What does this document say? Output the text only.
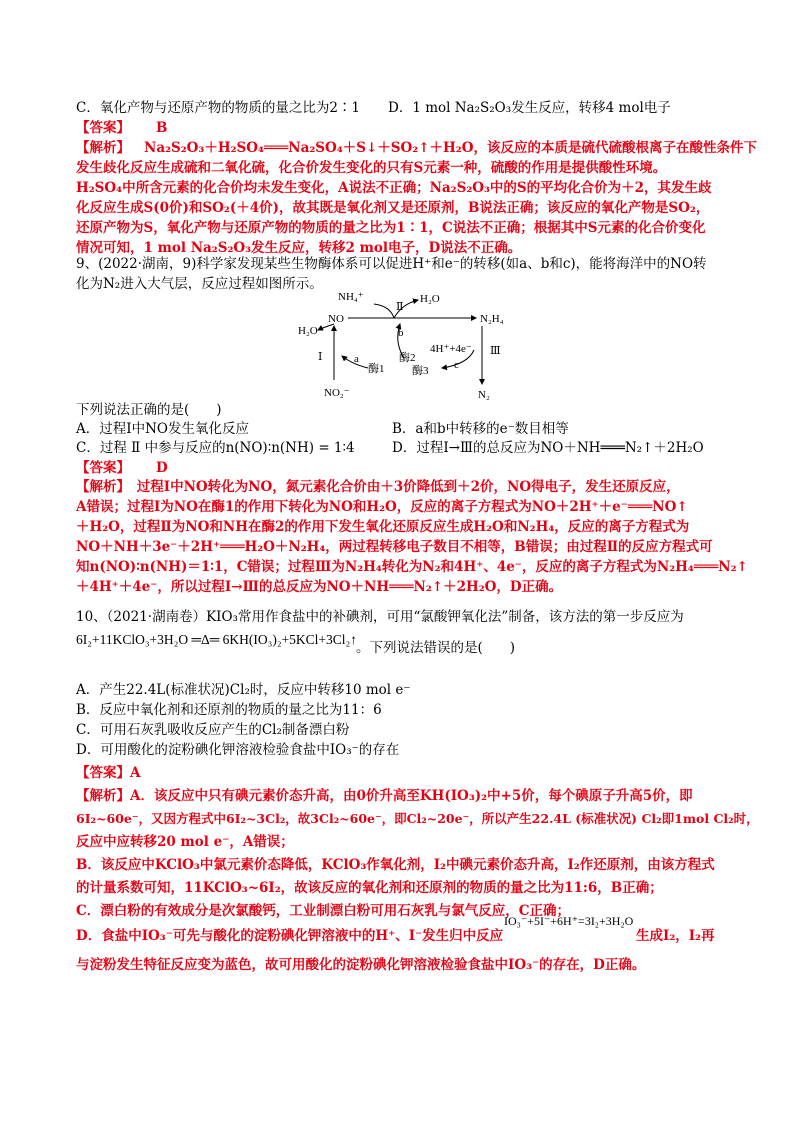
C．氧化产物与还原产物的物质的量之比为2∶1 D．1 mol Na₂S₂O₃发生反应，转移4 mol电子
【答案】 B
【解析】 Na₂S₂O₃＋H₂SO₄═══Na₂SO₄＋S↓＋SO₂↑＋H₂O，该反应的本质是硫代硫酸根离子在酸性条件下
发生歧化反应生成硫和二氧化硫，化合价发生变化的只有S元素一种，硫酸的作用是提供酸性环境。
H₂SO₄中所含元素的化合价均未发生变化，A说法不正确；Na₂S₂O₃中的S的平均化合价为＋2，其发生歧
化反应生成S(0价)和SO₂(＋4价)，故其既是氧化剂又是还原剂，B说法正确；该反应的氧化产物是SO₂，
还原产物为S，氧化产物与还原产物的物质的量之比为1∶1，C说法不正确；根据其中S元素的化合价变化
情况可知，1 mol Na₂S₂O₃发生反应，转移2 mol电子，D说法不正确。
9、(2022·湖南，9)科学家发现某些生物酶体系可以促进H⁺和e⁻的转移(如a、b和c)，能将海洋中的NO转
化为N₂进入大气层，反应过程如图所示。
NH₄⁺	H₂O
Ⅱ
NO	N₂H₄
H₂O	b
酶2
4H⁺+4e⁻ Ⅲ
Ⅰ	a
酶1	c
酶3
NO₂⁻	N₂
下列说法正确的是(　　)
A．过程Ⅰ中NO发生氧化反应	B．a和b中转移的e⁻数目相等
C．过程 Ⅱ 中参与反应的n(NO)∶n(NH) = 1∶4	D．过程Ⅰ→Ⅲ的总反应为NO＋NH═══N₂↑＋2H₂O
【答案】 D
【解析】　过程Ⅰ中NO转化为NO，氮元素化合价由＋3价降低到＋2价，NO得电子，发生还原反应，
A错误；过程Ⅰ为NO在酶1的作用下转化为NO和H₂O，反应的离子方程式为NO＋2H⁺＋e⁻═══NO↑
＋H₂O，过程Ⅱ为NO和NH在酶2的作用下发生氧化还原反应生成H₂O和N₂H₄，反应的离子方程式为
NO＋NH＋3e⁻＋2H⁺═══H₂O＋N₂H₄，两过程转移电子数目不相等，B错误；由过程Ⅱ的反应方程式可
知n(NO)∶n(NH)＝1∶1，C错误；过程Ⅲ为N₂H₄转化为N₂和4H⁺、4e⁻，反应的离子方程式为N₂H₄═══N₂↑
＋4H⁺＋4e⁻，所以过程Ⅰ→Ⅲ的总反应为NO＋NH═══N₂↑＋2H₂O，D正确。
10、（2021·湖南卷）KIO₃常用作食盐中的补碘剂，可用“氯酸钾氧化法”制备，该方法的第一步反应为
6I₂+11KClO₃+3H₂O ═Δ═ 6KH(IO₃)₂+5KCl+3Cl₂↑
。下列说法错误的是(　　)
A．产生22.4L(标准状况)Cl₂时，反应中转移10 mol e⁻
B．反应中氧化剂和还原剂的物质的量之比为11：6
C．可用石灰乳吸收反应产生的Cl₂制备漂白粉
D．可用酸化的淀粉碘化钾溶液检验食盐中IO₃⁻的存在
【答案】A
【解析】A．该反应中只有碘元素价态升高，由0价升高至KH(IO₃)₂中+5价，每个碘原子升高5价，即
6I₂~60e⁻，又因方程式中6I₂~3Cl₂，故3Cl₂~60e⁻，即Cl₂~20e⁻，所以产生22.4L (标准状况) Cl₂即1mol Cl₂时，
反应中应转移20 mol e⁻，A错误；
B．该反应中KClO₃中氯元素价态降低，KClO₃作氧化剂，I₂中碘元素价态升高，I₂作还原剂，由该方程式
的计量系数可知，11KClO₃~6I₂，故该反应的氧化剂和还原剂的物质的量之比为11:6，B正确；
C．漂白粉的有效成分是次氯酸钙，工业制漂白粉可用石灰乳与氯气反应，C正确；
D．食盐中IO₃⁻可先与酸化的淀粉碘化钾溶液中的H⁺、I⁻发生归中反应
IO₃⁻+5I⁻+6H⁺=3I₂+3H₂O
生成I₂，I₂再
与淀粉发生特征反应变为蓝色，故可用酸化的淀粉碘化钾溶液检验食盐中IO₃⁻的存在，D正确。
